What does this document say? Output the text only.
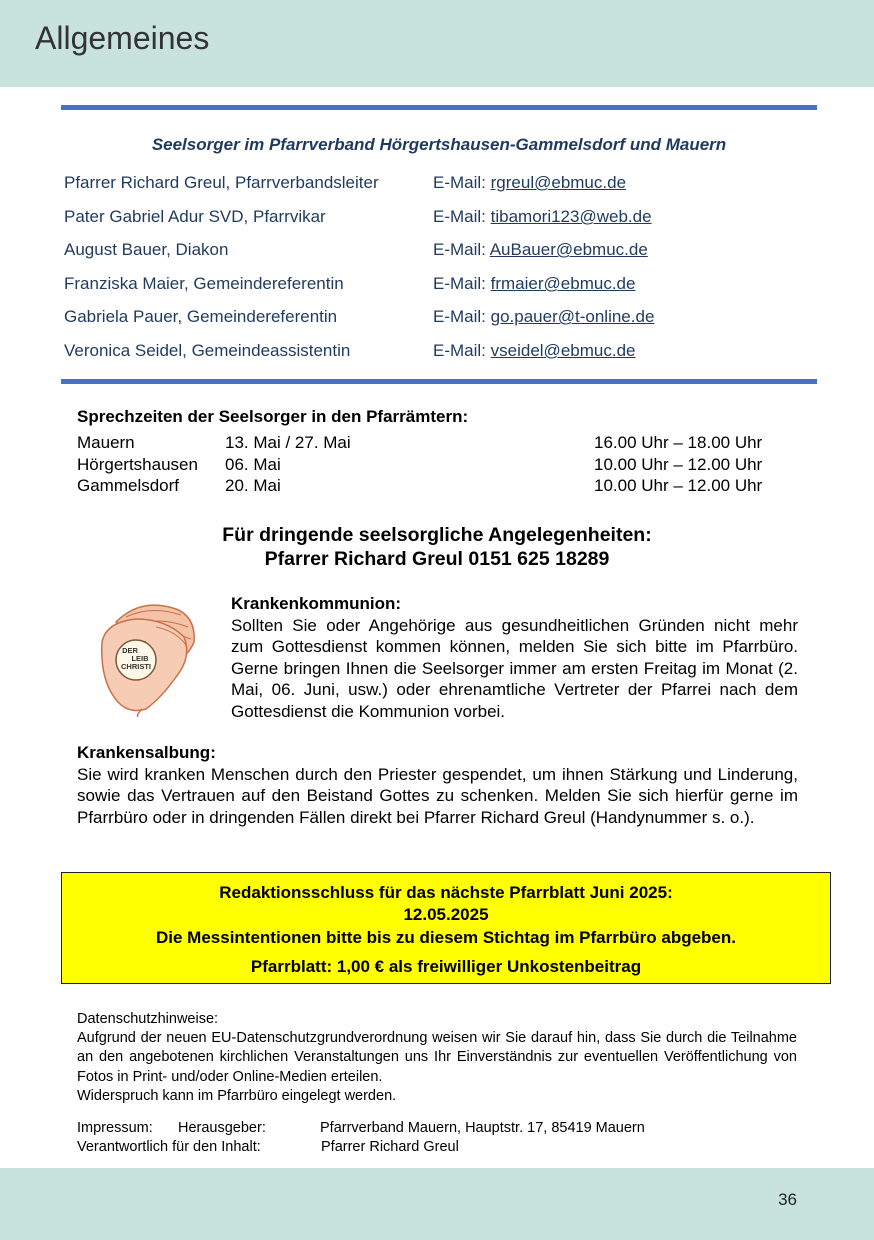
Allgemeines
Seelsorger im Pfarrverband Hörgertshausen-Gammelsdorf und Mauern
Pfarrer Richard Greul, Pfarrverbandsleiter	E-Mail: rgreul@ebmuc.de
Pater Gabriel Adur SVD, Pfarrvikar	E-Mail: tibamori123@web.de
August Bauer, Diakon	E-Mail: AuBauer@ebmuc.de
Franziska Maier, Gemeindereferentin	E-Mail: frmaier@ebmuc.de
Gabriela Pauer, Gemeindereferentin	E-Mail: go.pauer@t-online.de
Veronica Seidel, Gemeindeassistentin	E-Mail: vseidel@ebmuc.de
Sprechzeiten der Seelsorger in den Pfarrämtern:
Mauern	13. Mai / 27. Mai	16.00 Uhr – 18.00 Uhr
Hörgertshausen 06. Mai	10.00 Uhr – 12.00 Uhr
Gammelsdorf	20. Mai	10.00 Uhr – 12.00 Uhr
Für dringende seelsorgliche Angelegenheiten:
Pfarrer Richard Greul 0151 625 18289
DER
LEIB
CHRISTI
Krankenkommunion:

Sollten Sie oder Angehörige aus gesundheitlichen Gründen nicht mehr zum Gottesdienst kommen können, melden Sie sich bitte im Pfarrbüro. Gerne bringen Ihnen die Seelsorger immer am ersten Freitag im Monat (2. Mai, 06. Juni, usw.) oder ehrenamtliche Vertreter der Pfarrei nach dem Gottesdienst die Kommunion vorbei.

Krankensalbung:

Sie wird kranken Menschen durch den Priester gespendet, um ihnen Stärkung und Linderung, sowie das Vertrauen auf den Beistand Gottes zu schenken. Melden Sie sich hierfür gerne im Pfarrbüro oder in dringenden Fällen direkt bei Pfarrer Richard Greul (Handynummer s. o.).

Redaktionsschluss für das nächste Pfarrblatt Juni 2025:
12.05.2025
Die Messintentionen bitte bis zu diesem Stichtag im Pfarrbüro abgeben.
Pfarrblatt: 1,00 € als freiwilliger Unkostenbeitrag
Datenschutzhinweise:

Aufgrund der neuen EU-Datenschutzgrundverordnung weisen wir Sie darauf hin, dass Sie durch die Teilnahme an den angebotenen kirchlichen Veranstaltungen uns Ihr Einverständnis zur eventuellen Veröffentlichung von Fotos in Print- und/oder Online-Medien erteilen.

Widerspruch kann im Pfarrbüro eingelegt werden.
Impressum: Herausgeber:	Pfarrverband Mauern, Hauptstr. 17, 85419 Mauern
Verantwortlich für den Inhalt:	Pfarrer Richard Greul
36
